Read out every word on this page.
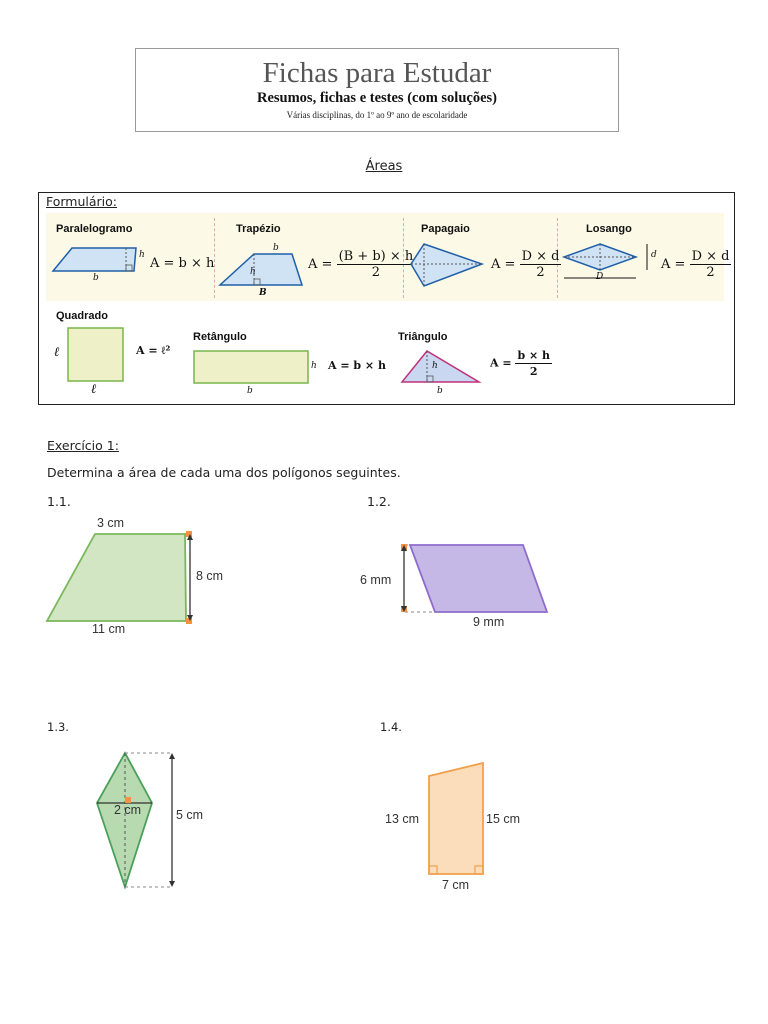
Fichas para Estudar
Resumos, fichas e testes (com soluções)
Várias disciplinas, do 1º ao 9º ano de escolaridade
Áreas
Formulário:
Paralelogramo
h
b
A = b × h
Trapézio
b
h
B
$A = \frac{(B + b) \times h}{2}$
Papagaio
$A = \frac{D \times d}{2}$
Losango
d
D
$A = \frac{D \times d}{2}$
Quadrado
ℓ
ℓ
A = ℓ²
Retângulo
h
b
A = b × h
Triângulo
h
b
$A = \frac{b \times h}{2}$
Exercício 1:
Determina a área de cada uma dos polígonos seguintes.
1.1.	1.2.
1.3.	1.4.
3 cm
8 cm
11 cm
6 mm
9 mm
2 cm	5 cm	13 cm	15 cm
7 cm
